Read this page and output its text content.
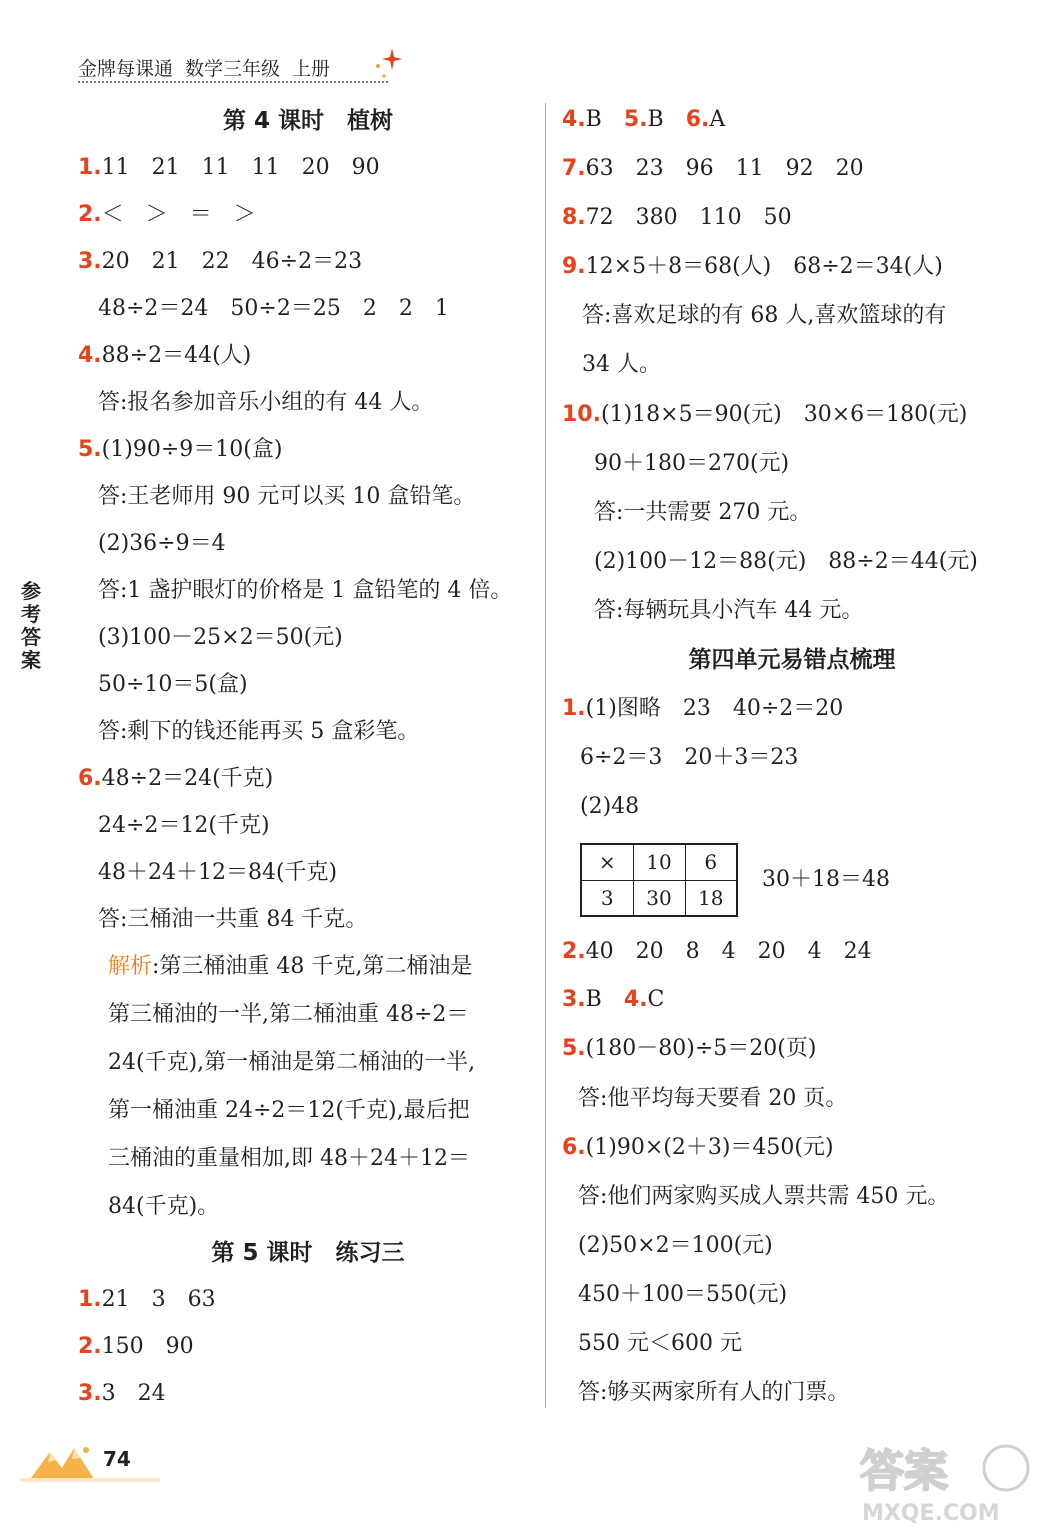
金牌每课通 数学三年级 上册
参考答案
第 4 课时　植树
1.11　21　11　11　20　90
2.＜　＞　＝　＞
3.20　21　22　46÷2＝23
48÷2＝24　50÷2＝25　2　2　1
4.88÷2＝44(人)
答:报名参加音乐小组的有 44 人。
5.(1)90÷9＝10(盒)
答:王老师用 90 元可以买 10 盒铅笔。
(2)36÷9＝4
答:1 盏护眼灯的价格是 1 盒铅笔的 4 倍。
(3)100－25×2＝50(元)
50÷10＝5(盒)
答:剩下的钱还能再买 5 盒彩笔。
6.48÷2＝24(千克)
24÷2＝12(千克)
48＋24＋12＝84(千克)
答:三桶油一共重 84 千克。
解析:第三桶油重 48 千克,第二桶油是
第三桶油的一半,第二桶油重 48÷2＝
24(千克),第一桶油是第二桶油的一半,
第一桶油重 24÷2＝12(千克),最后把
三桶油的重量相加,即 48＋24＋12＝
84(千克)。
第 5 课时　练习三
1.21　3　63
2.150　90
3.3　24
4.B 5.B 6.A
7.63　23　96　11　92　20
8.72　380　110　50
9.12×5＋8＝68(人)　68÷2＝34(人)
答:喜欢足球的有 68 人,喜欢篮球的有
34 人。
10.(1)18×5＝90(元)　30×6＝180(元)
90＋180＝270(元)
答:一共需要 270 元。
(2)100－12＝88(元)　88÷2＝44(元)
答:每辆玩具小汽车 44 元。
第四单元易错点梳理
1.(1)图略　23　40÷2＝20
6÷2＝3　20＋3＝23
(2)48
×	10	6
3	30	18
30＋18＝48
2.40　20　8　4　20　4　24
3.B 4.C
5.(180－80)÷5＝20(页)
答:他平均每天要看 20 页。
6.(1)90×(2＋3)＝450(元)
答:他们两家购买成人票共需 450 元。
(2)50×2＝100(元)
450＋100＝550(元)
550 元＜600 元
答:够买两家所有人的门票。
74	答案
MXQE.COM
